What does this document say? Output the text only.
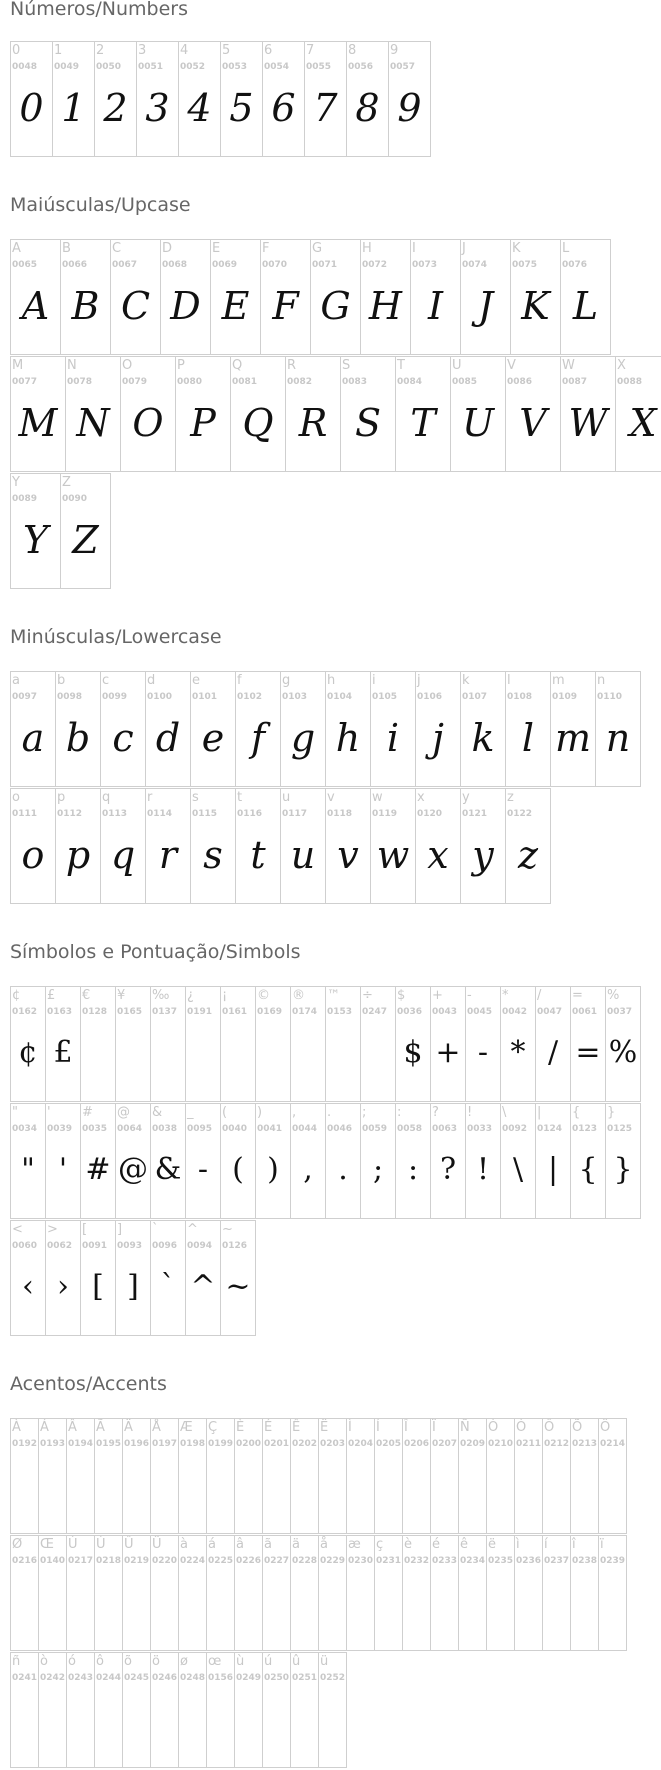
Números/Numbers
Maiúsculas/Upcase
Minúsculas/Lowercase
Símbolos e Pontuação/Simbols
Acentos/Accents
0
0048
0
1
0049
1
2
0050
2
3
0051
3
4
0052
4
5
0053
5
6
0054
6
7
0055
7
8
0056
8
9
0057
9
A
0065
A
B
0066
B
C
0067
C
D
0068
D
E
0069
E
F
0070
F
G
0071
G
H
0072
H
I
0073
I
J
0074
J
K
0075
K
L
0076
L
M
0077
M
N
0078
N
O
0079
O
P
0080
P
Q
0081
Q
R
0082
R
S
0083
S
T
0084
T
U
0085
U
V
0086
V
W
0087
W
X
0088
X
Y
0089
Y
Z
0090
Z
a
0097
a
b
0098
b
c
0099
c
d
0100
d
e
0101
e
f
0102
f
g
0103
g
h
0104
h
i
0105
i
j
0106
j
k
0107
k
l
0108
l
m
0109
m
n
0110
n
o
0111
o
p
0112
p
q
0113
q
r
0114
r
s
0115
s
t
0116
t
u
0117
u
v
0118
v
w
0119
w
x
0120
x
y
0121
y
z
0122
z
¢
0162
¢
£
0163
£
€
0128
¥
0165
‰
0137
¿
0191
¡
0161
©
0169
®
0174
™
0153
÷
0247
$
0036
$
+
0043
+
-
0045
-
*
0042
*
/
0047
/
=
0061
=
%
0037
%
"
0034
"
'
0039
'
#
0035
#
@
0064
@
&
0038
&
_
0095
-
(
0040
(
)
0041
)
,
0044
,
.
0046
.
;
0059
;
:
0058
:
?
0063
?
!
0033
!
\
0092
\
|
0124
|
{
0123
{
}
0125
}
<
0060
‹
>
0062
›
[
0091
[
]
0093
]
`
0096
`
^
0094
^
~
0126
~
À
0192
Á
0193
Â
0194
Ã
0195
Ä
0196
Å
0197
Æ
0198
Ç
0199
È
0200
É
0201
Ê
0202
Ë
0203
Ì
0204
Í
0205
Î
0206
Ï
0207
Ñ
0209
Ò
0210
Ó
0211
Ô
0212
Õ
0213
Ö
0214
Ø
0216
Œ
0140
Ù
0217
Ú
0218
Û
0219
Ü
0220
à
0224
á
0225
â
0226
ã
0227
ä
0228
å
0229
æ
0230
ç
0231
è
0232
é
0233
ê
0234
ë
0235
ì
0236
í
0237
î
0238
ï
0239
ñ
0241
ò
0242
ó
0243
ô
0244
õ
0245
ö
0246
ø
0248
œ
0156
ù
0249
ú
0250
û
0251
ü
0252
